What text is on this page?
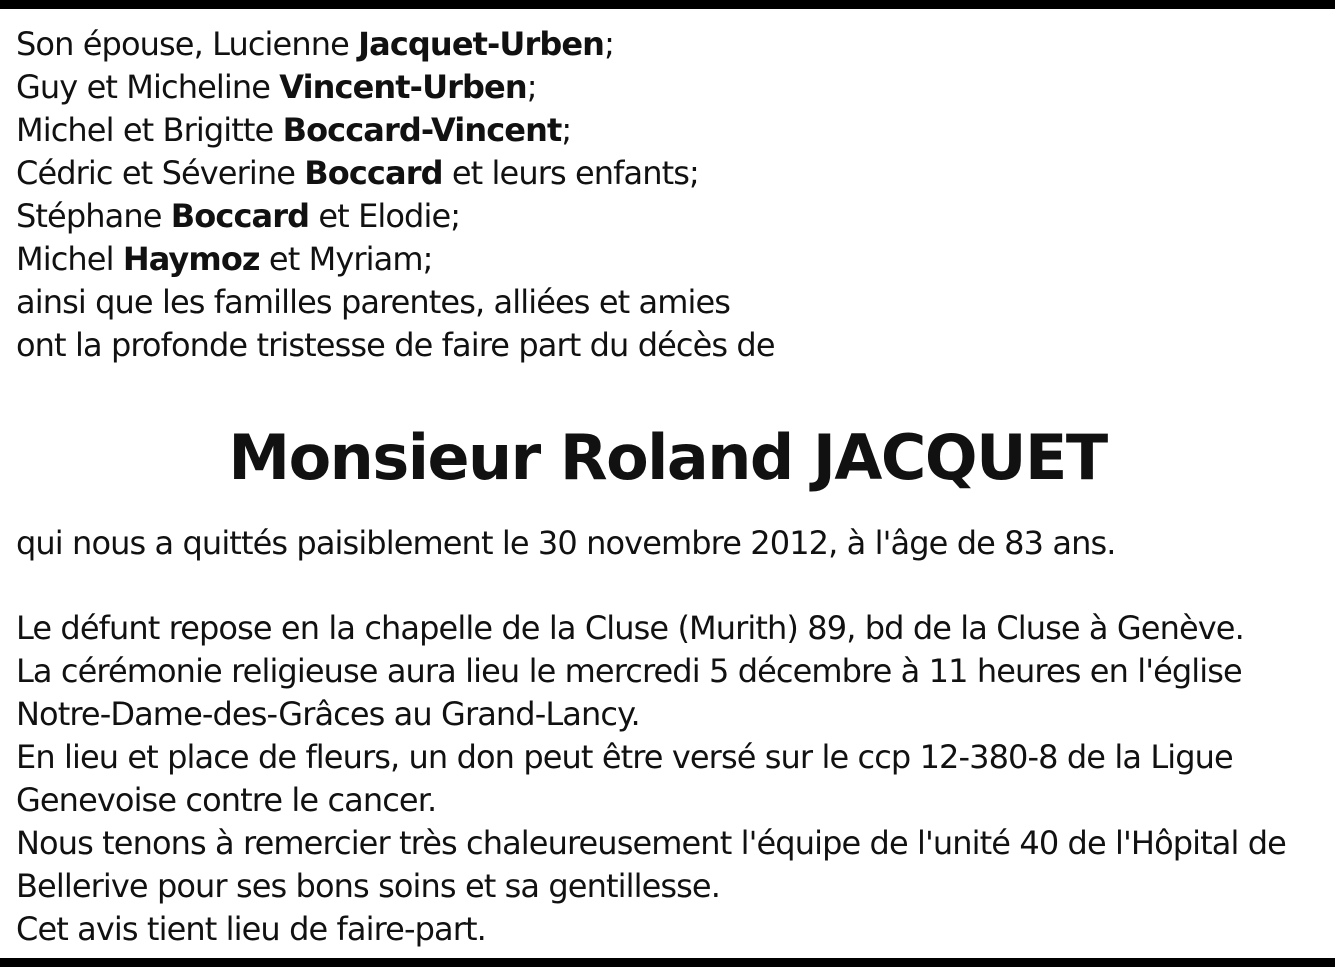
Son épouse, Lucienne Jacquet-Urben;
Guy et Micheline Vincent-Urben;
Michel et Brigitte Boccard-Vincent;
Cédric et Séverine Boccard et leurs enfants;
Stéphane Boccard et Elodie;
Michel Haymoz et Myriam;
ainsi que les familles parentes, alliées et amies
ont la profonde tristesse de faire part du décès de
Monsieur Roland JACQUET
qui nous a quittés paisiblement le 30 novembre 2012, à l'âge de 83 ans.
Le défunt repose en la chapelle de la Cluse (Murith) 89, bd de la Cluse à Genève.
La cérémonie religieuse aura lieu le mercredi 5 décembre à 11 heures en l'église
Notre-Dame-des-Grâces au Grand-Lancy.
En lieu et place de fleurs, un don peut être versé sur le ccp 12-380-8 de la Ligue
Genevoise contre le cancer.
Nous tenons à remercier très chaleureusement l'équipe de l'unité 40 de l'Hôpital de
Bellerive pour ses bons soins et sa gentillesse.
Cet avis tient lieu de faire-part.
